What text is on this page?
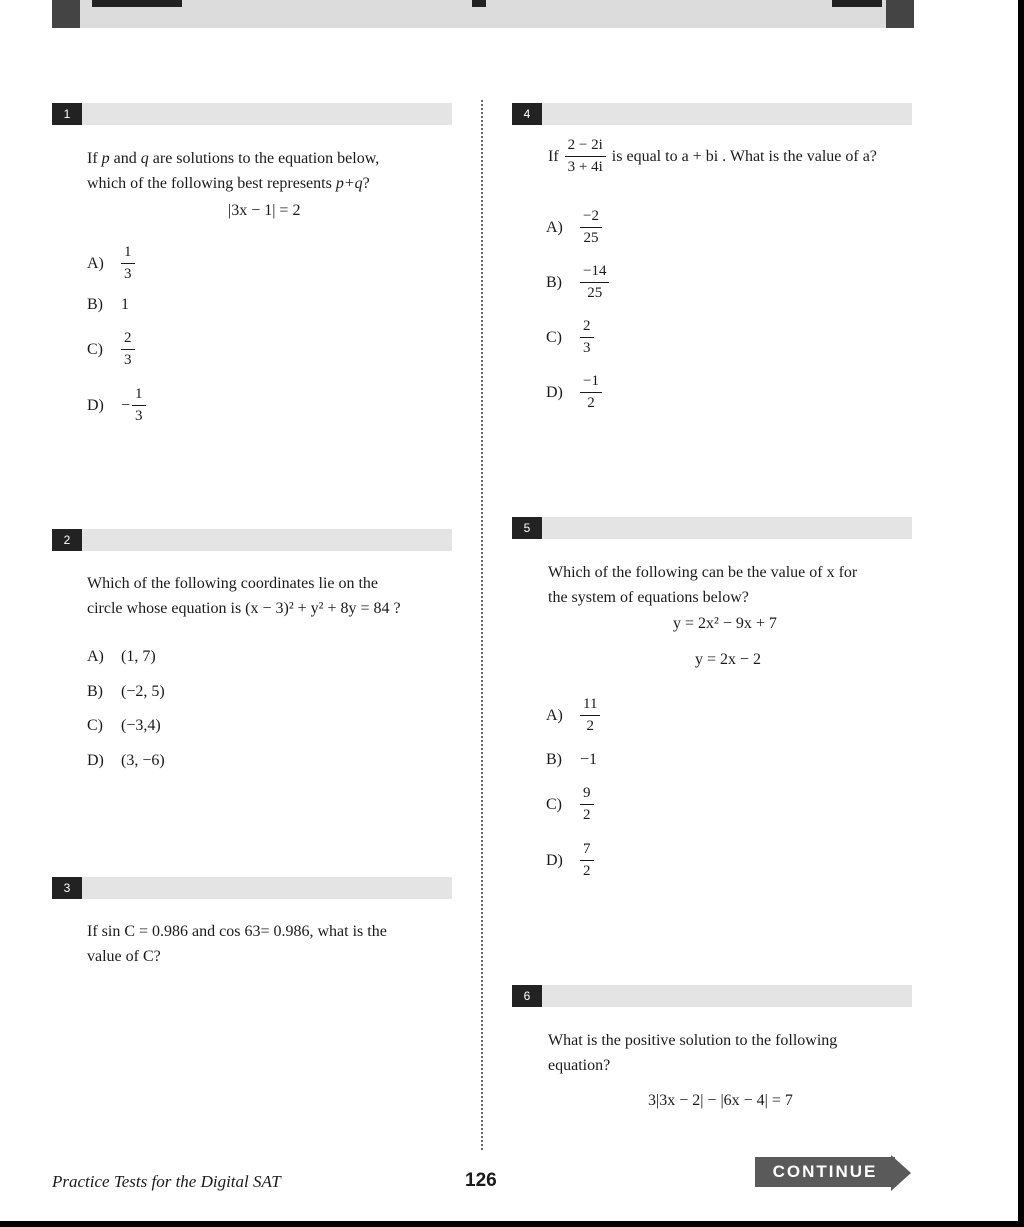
1
If p and q are solutions to the equation below,
which of the following best represents p+q?
|3x − 1| = 2
$A) \frac{1}{3}$
B) 1
$C) \frac{2}{3}$
$D) - \frac{1}{3}$
2
Which of the following coordinates lie on the
circle whose equation is (x − 3)² + y² + 8y = 84 ?
A) (1, 7)
B) (−2, 5)
C) (−3,4)
D) (3, −6)
3
If sin C = 0.986 and cos 63= 0.986, what is the
value of C?
4
If $\frac{2 - 2i}{3 + 4i}$ is equal to a + bi . What is the value of a?
$A) \frac{-2}{25}$
$B) \frac{-14}{25}$
$C) \frac{2}{3}$
$D) \frac{-1}{2}$
5
Which of the following can be the value of x for
the system of equations below?
y = 2x² − 9x + 7
y = 2x − 2
$A) \frac{11}{2}$
B) −1
$C) \frac{9}{2}$
$D) \frac{7}{2}$
6
What is the positive solution to the following
equation?
3|3x − 2| − |6x − 4| = 7
Practice Tests for the Digital SAT	126	CONTINUE
